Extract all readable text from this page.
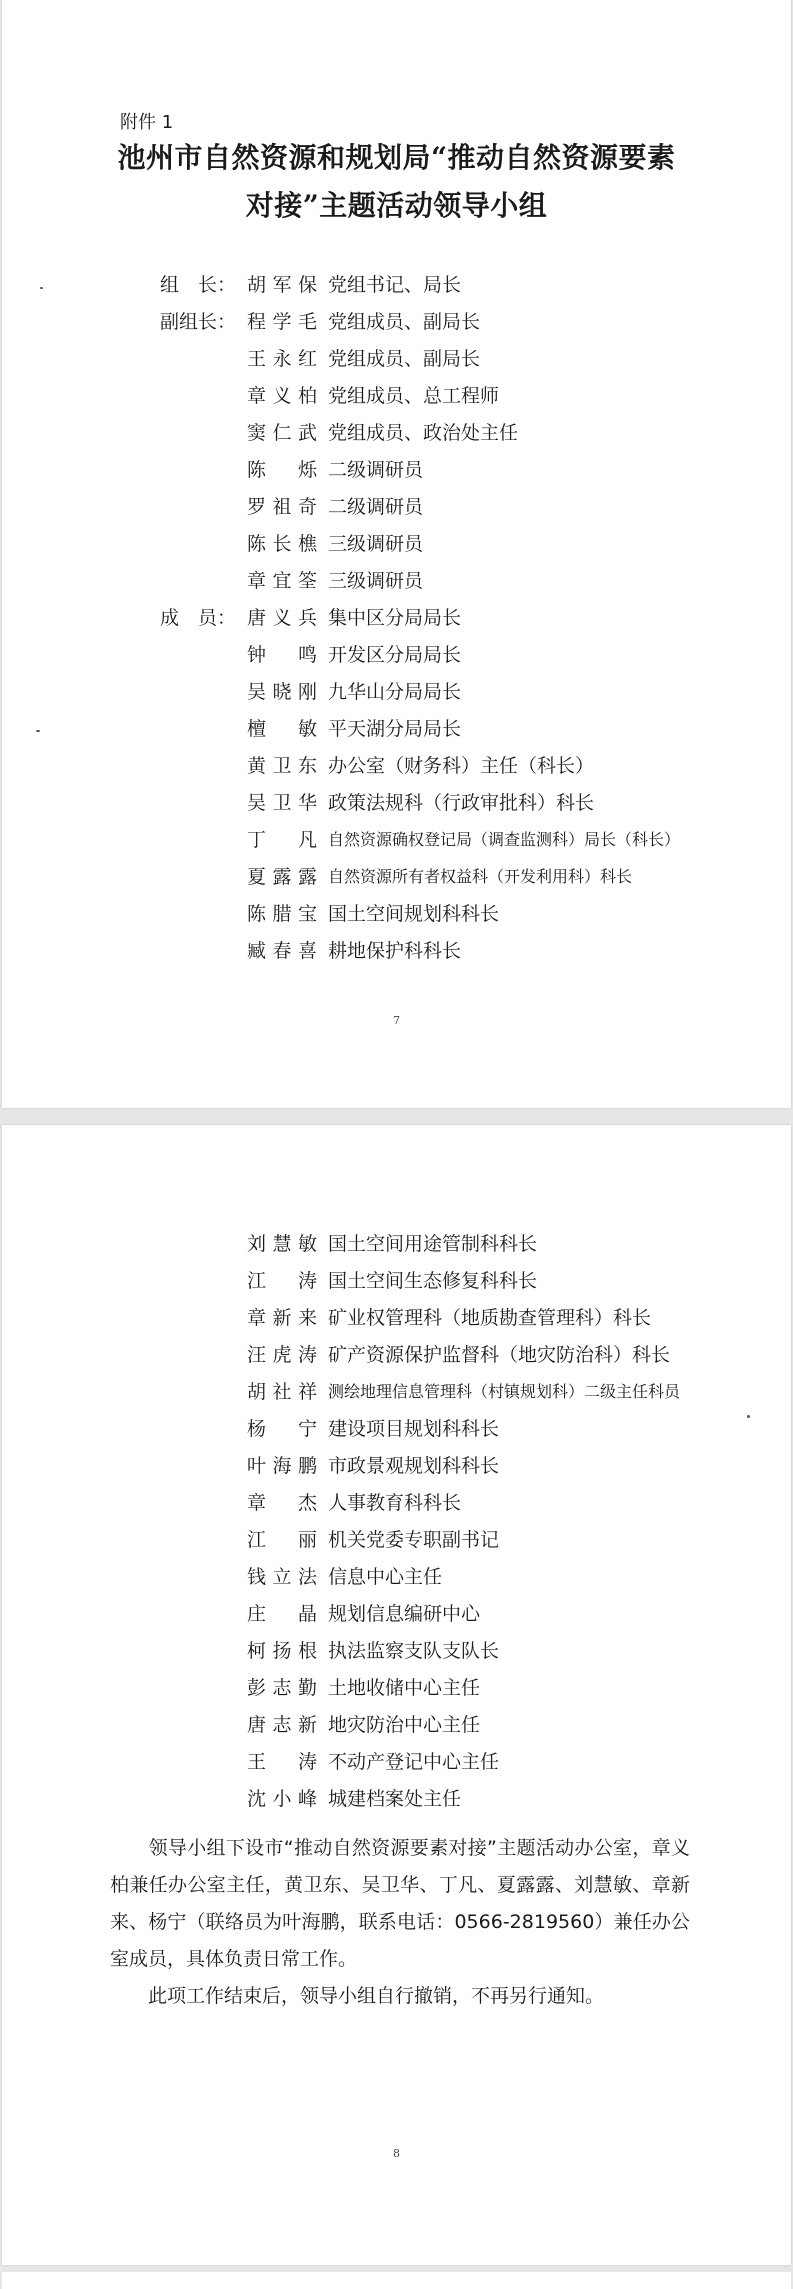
附件 1
池州市自然资源和规划局“推动自然资源要素
对接”主题活动领导小组
组　长： 胡军保 党组书记、局长
副组长： 程学毛 党组成员、副局长
王永红 党组成员、副局长
章义柏 党组成员、总工程师
窦仁武 党组成员、政治处主任
陈烁 二级调研员
罗祖奇 二级调研员
陈长樵 三级调研员
章宜筌 三级调研员
成　员： 唐义兵 集中区分局局长
钟鸣 开发区分局局长
吴晓刚 九华山分局局长
檀敏 平天湖分局局长
黄卫东 办公室（财务科）主任（科长）
吴卫华 政策法规科（行政审批科）科长
丁凡 自然资源确权登记局（调查监测科）局长（科长）
夏露露 自然资源所有者权益科（开发利用科）科长
陈腊宝 国土空间规划科科长
臧春喜 耕地保护科科长
7
刘慧敏 国土空间用途管制科科长
江涛 国土空间生态修复科科长
章新来 矿业权管理科（地质勘查管理科）科长
汪虎涛 矿产资源保护监督科（地灾防治科）科长
胡社祥 测绘地理信息管理科（村镇规划科）二级主任科员
杨宁 建设项目规划科科长
叶海鹏 市政景观规划科科长
章杰 人事教育科科长
江丽 机关党委专职副书记
钱立法 信息中心主任
庄晶 规划信息编研中心
柯扬根 执法监察支队支队长
彭志勤 土地收储中心主任
唐志新 地灾防治中心主任
王涛 不动产登记中心主任
沈小峰 城建档案处主任
　　领导小组下设市“推动自然资源要素对接”主题活动办公室，章义柏兼任办公室主任，黄卫东、吴卫华、丁凡、夏露露、刘慧敏、章新来、杨宁（联络员为叶海鹏，联系电话：0566-2819560）兼任办公室成员，具体负责日常工作。
　　此项工作结束后，领导小组自行撤销，不再另行通知。
8
